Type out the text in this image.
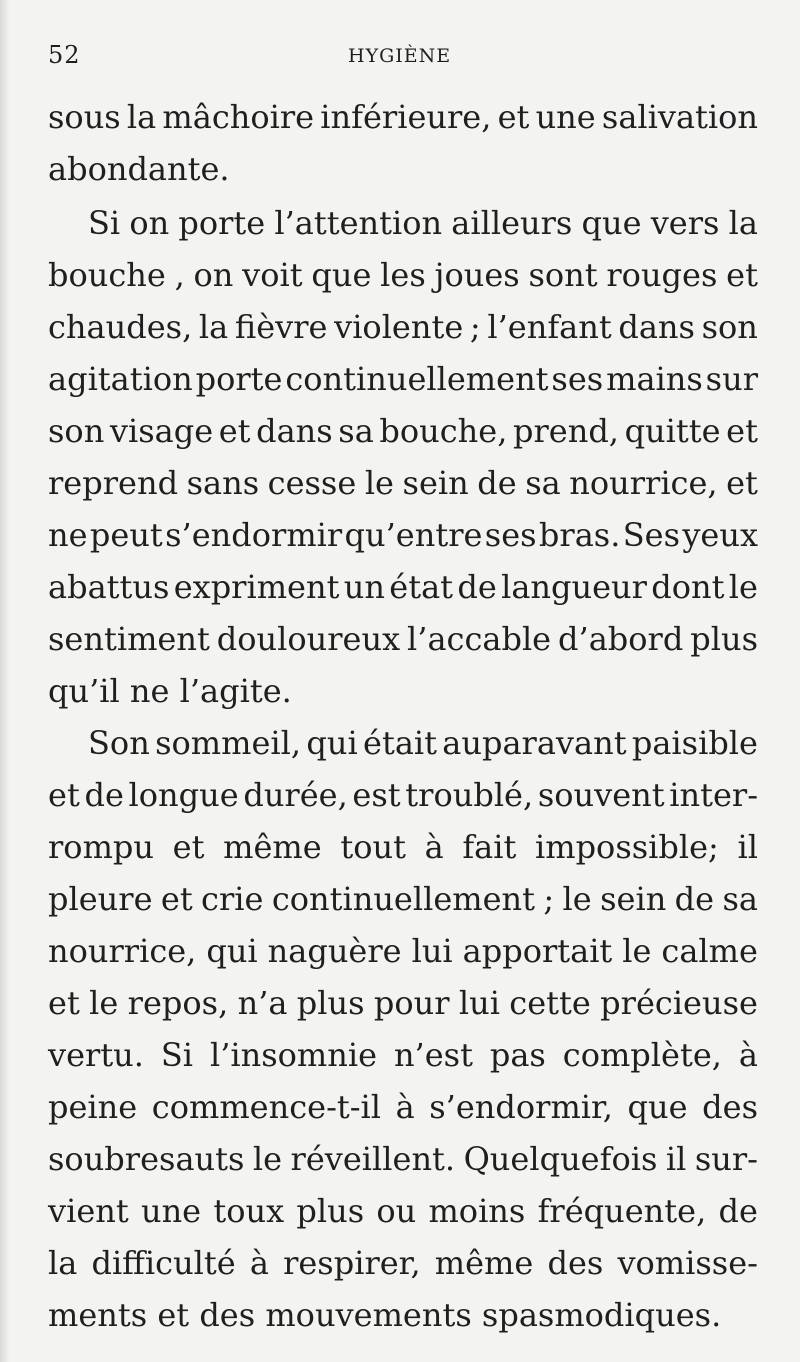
52	HYGIÈNE
sous la mâchoire inférieure, et une salivation
abondante.
Si on porte l’attention ailleurs que vers la
bouche , on voit que les joues sont rouges et
chaudes, la fièvre violente ; l’enfant dans son
agitation porte continuellement ses mains sur
son visage et dans sa bouche, prend, quitte et
reprend sans cesse le sein de sa nourrice, et
ne peut s’endormir qu’entre ses bras. Ses yeux
abattus expriment un état de langueur dont le
sentiment douloureux l’accable d’abord plus
qu’il ne l’agite.
Son sommeil, qui était auparavant paisible
et de longue durée, est troublé, souvent inter-
rompu et même tout à fait impossible; il
pleure et crie continuellement ; le sein de sa
nourrice, qui naguère lui apportait le calme
et le repos, n’a plus pour lui cette précieuse
vertu. Si l’insomnie n’est pas complète, à
peine commence-t-il à s’endormir, que des
soubresauts le réveillent. Quelquefois il sur-
vient une toux plus ou moins fréquente, de
la difficulté à respirer, même des vomisse-
ments et des mouvements spasmodiques.
